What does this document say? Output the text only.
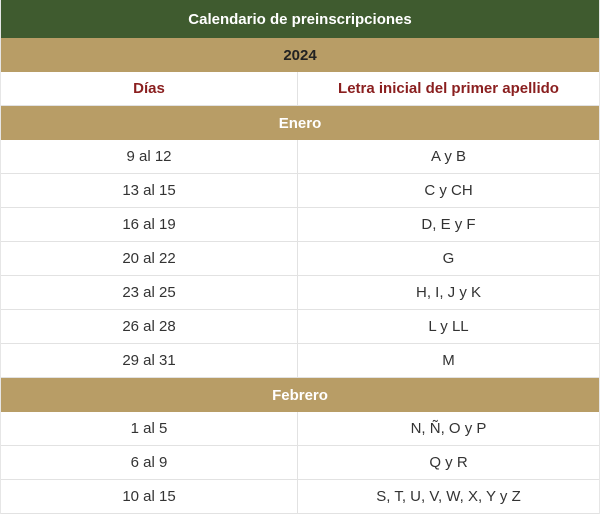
Calendario de preinscripciones
2024
Días	Letra inicial del primer apellido
Enero
9 al 12	A y B
13 al 15	C y CH
16 al 19	D, E y F
20 al 22	G
23 al 25	H, I, J y K
26 al 28	L y LL
29 al 31	M
Febrero
1 al 5	N, Ñ, O y P
6 al 9	Q y R
10 al 15	S, T, U, V, W, X, Y y Z
